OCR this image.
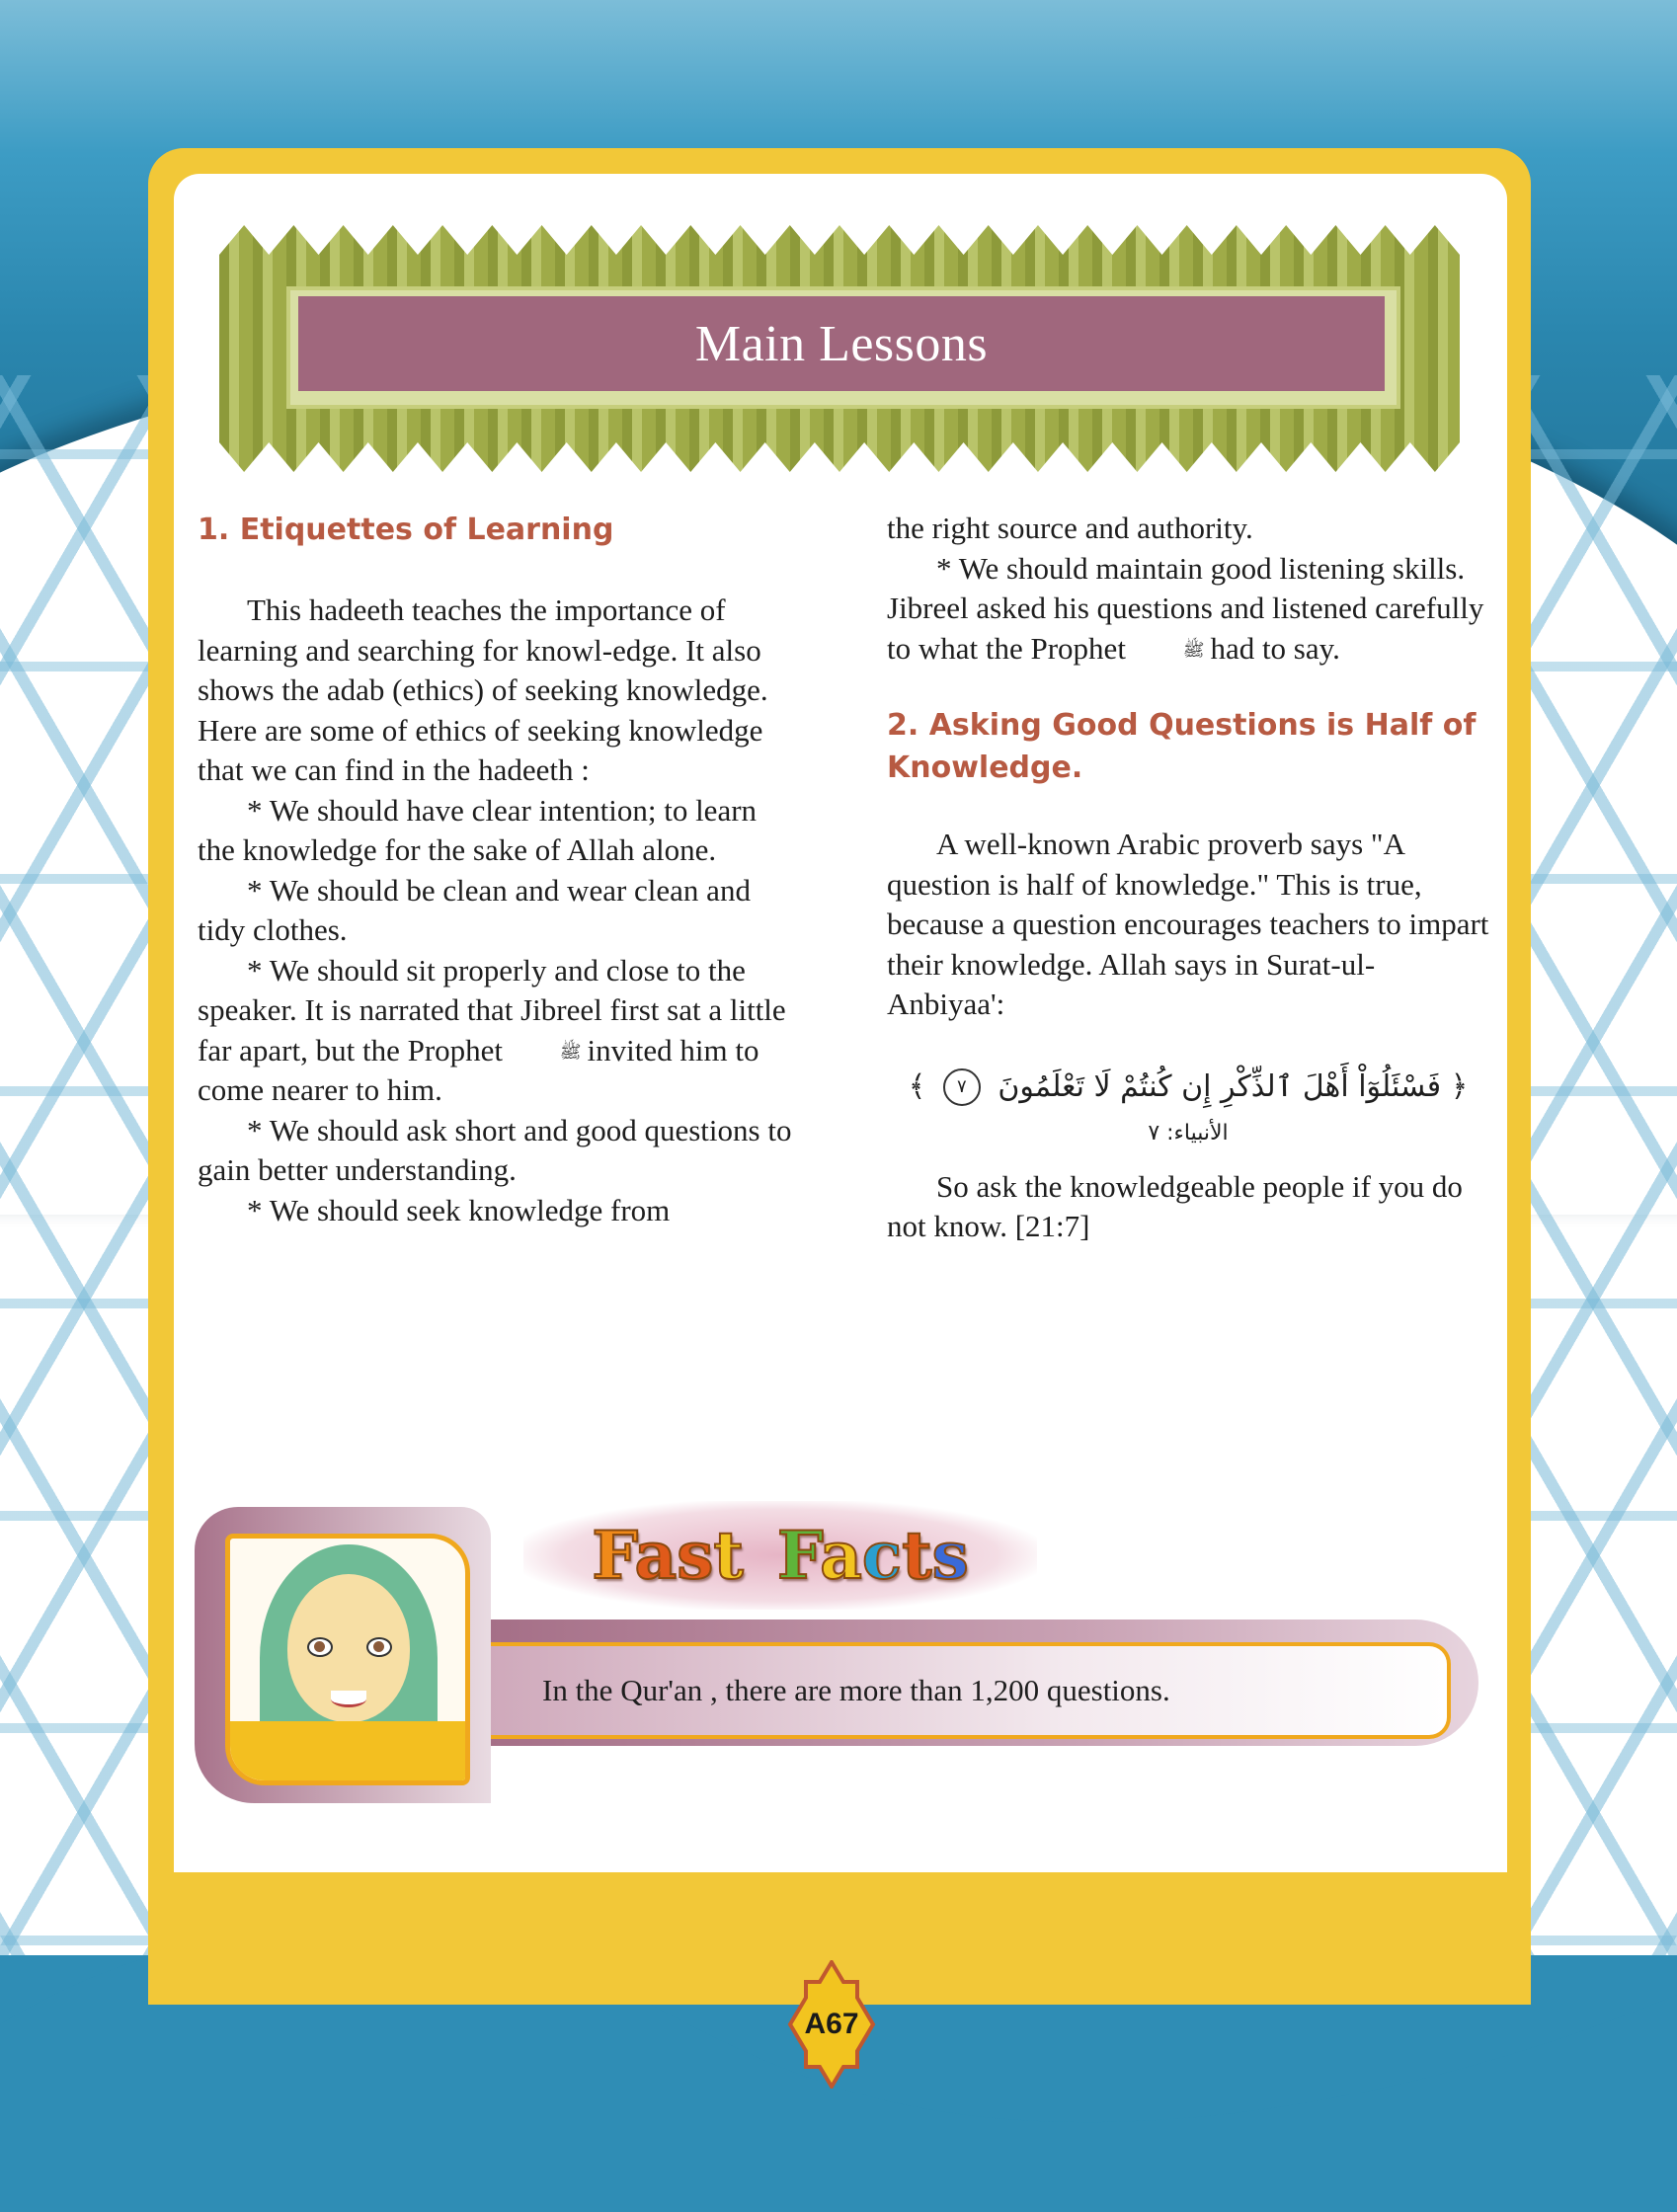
Main Lessons
1. Etiquettes of Learning

This hadeeth teaches the importance of learning and searching for knowl-edge. It also shows the adab (ethics) of seeking knowledge. Here are some of ethics of seeking knowledge that we can find in the hadeeth :

* We should have clear intention; to learn the knowledge for the sake of Allah alone.

* We should be clean and wear clean and tidy clothes.

* We should sit properly and close to the speaker. It is narrated that Jibreel first sat a little far apart, but the Prophet	ﷺ invited him to come nearer to him.

* We should ask short and good questions to gain better understanding.

* We should seek knowledge from

the right source and authority.

* We should maintain good listening skills. Jibreel asked his questions and listened carefully to what the Prophet	ﷺ had to say.

2. Asking Good Questions is Half of Knowledge.

A well-known Arabic proverb says "A question is half of knowledge." This is true, because a question encourages teachers to impart their knowledge. Allah says in Surat-ul-Anbiyaa':

﴿ فَسْئَلُوٓاْ أَهْلَ ٱلذِّكْرِ إِن كُنتُمْ لَا تَعْلَمُونَ ٧ ﴾
الأنبياء: ٧

So ask the knowledgeable people if you do not know. [21:7]

Fast Facts
In the Qur'an , there are more than 1,200 questions.
A67
